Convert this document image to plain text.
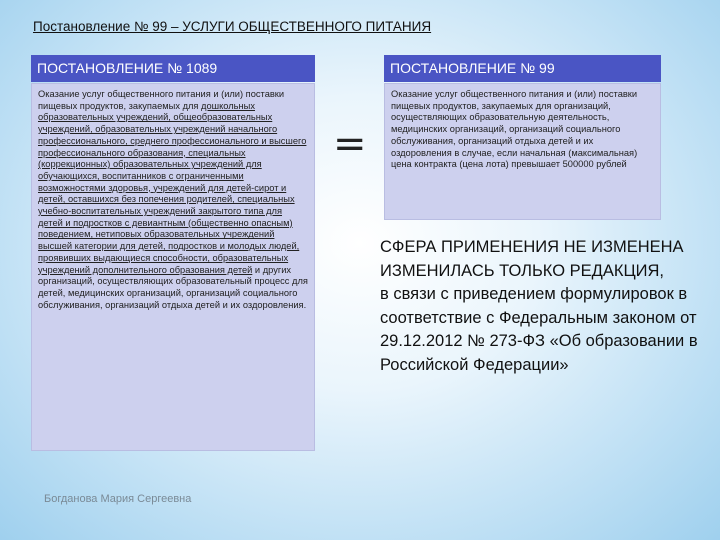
Постановление № 99 – УСЛУГИ ОБЩЕСТВЕННОГО ПИТАНИЯ
ПОСТАНОВЛЕНИЕ № 1089
Оказание услуг общественного питания и (или) поставки пищевых продуктов, закупаемых для дошкольных образовательных учреждений, общеобразовательных учреждений, образовательных учреждений начального профессионального, среднего профессионального и высшего профессионального образования, специальных (коррекционных) образовательных учреждений для обучающихся, воспитанников с ограниченными возможностями здоровья, учреждений для детей-сирот и детей, оставшихся без попечения родителей, специальных учебно-воспитательных учреждений закрытого типа для детей и подростков с девиантным (общественно опасным) поведением, нетиповых образовательных учреждений высшей категории для детей, подростков и молодых людей, проявивших выдающиеся способности, образовательных учреждений дополнительного образования детей и других организаций, осуществляющих образовательный процесс для детей, медицинских организаций, организаций социального обслуживания, организаций отдыха детей и их оздоровления.
=
ПОСТАНОВЛЕНИЕ № 99
Оказание услуг общественного питания и (или) поставки пищевых продуктов, закупаемых для организаций, осуществляющих образовательную деятельность, медицинских организаций, организаций социального обслуживания, организаций отдыха детей и их оздоровления в случае, если начальная (максимальная) цена контракта (цена лота) превышает 500000 рублей
СФЕРА ПРИМЕНЕНИЯ НЕ ИЗМЕНЕНА
ИЗМЕНИЛАСЬ ТОЛЬКО РЕДАКЦИЯ,
в связи с приведением формулировок в соответствие с Федеральным законом от 29.12.2012 № 273-ФЗ «Об образовании в Российской Федерации»
Богданова Мария Сергеевна
